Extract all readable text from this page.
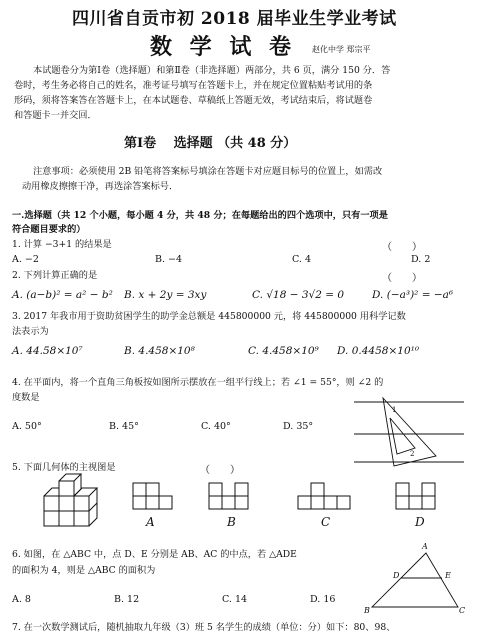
四川省自贡市初 2018 届毕业生学业考试
数 学 试 卷 赵化中学 郑宗平
本试题卷分为第Ⅰ卷（选择题）和第Ⅱ卷（非选择题）两部分，共 6 页，满分 150 分．答
卷时，考生务必将自己的姓名，准考证号填写在答题卡上，并在规定位置粘贴考试用的条
形码，须将答案答在答题卡上，在本试题卷、草稿纸上答题无效，考试结束后，将试题卷
和答题卡一并交回．
第Ⅰ卷　 选择题 （共 48 分）
注意事项：必须使用 2B 铅笔将答案标号填涂在答题卡对应题目标号的位置上，如需改
动用橡皮擦擦干净，再选涂答案标号．
一.选择题（共 12 个小题，每小题 4 分，共 48 分；在每题给出的四个选项中，只有一项是
符合题目要求的）
1. 计算 −3+1 的结果是	（　　）
A. −2	B. −4	C. 4	D. 2
2. 下列计算正确的是	（　　）
A. (a−b)² = a² − b² B. x + 2y = 3xy	C. √18 − 3√2 = 0	D. (−a³)² = −a⁶
3. 2017 年我市用于资助贫困学生的助学金总额是 445800000 元，将 445800000 用科学记数
法表示为
A. 44.58×10⁷	B. 4.458×10⁸	C. 4.458×10⁹ D. 0.4458×10¹⁰
4. 在平面内，将一个直角三角板按如图所示摆放在一组平行线上；若 ∠1 = 55°，则 ∠2 的
度数是
A. 50°	B. 45°	C. 40°	D. 35°
1
2
5. 下面几何体的主视图是	（　　）
A	B	C	D
6. 如图，在 △ABC 中，点 D、E 分别是 AB、AC 的中点，若 △ADE
的面积为 4，则是 △ABC 的面积为
A. 8	B. 12	C. 14	D. 16
A
D	E
B	C
7. 在一次数学测试后，随机抽取九年级（3）班 5 名学生的成绩（单位：分）如下：80、98、
